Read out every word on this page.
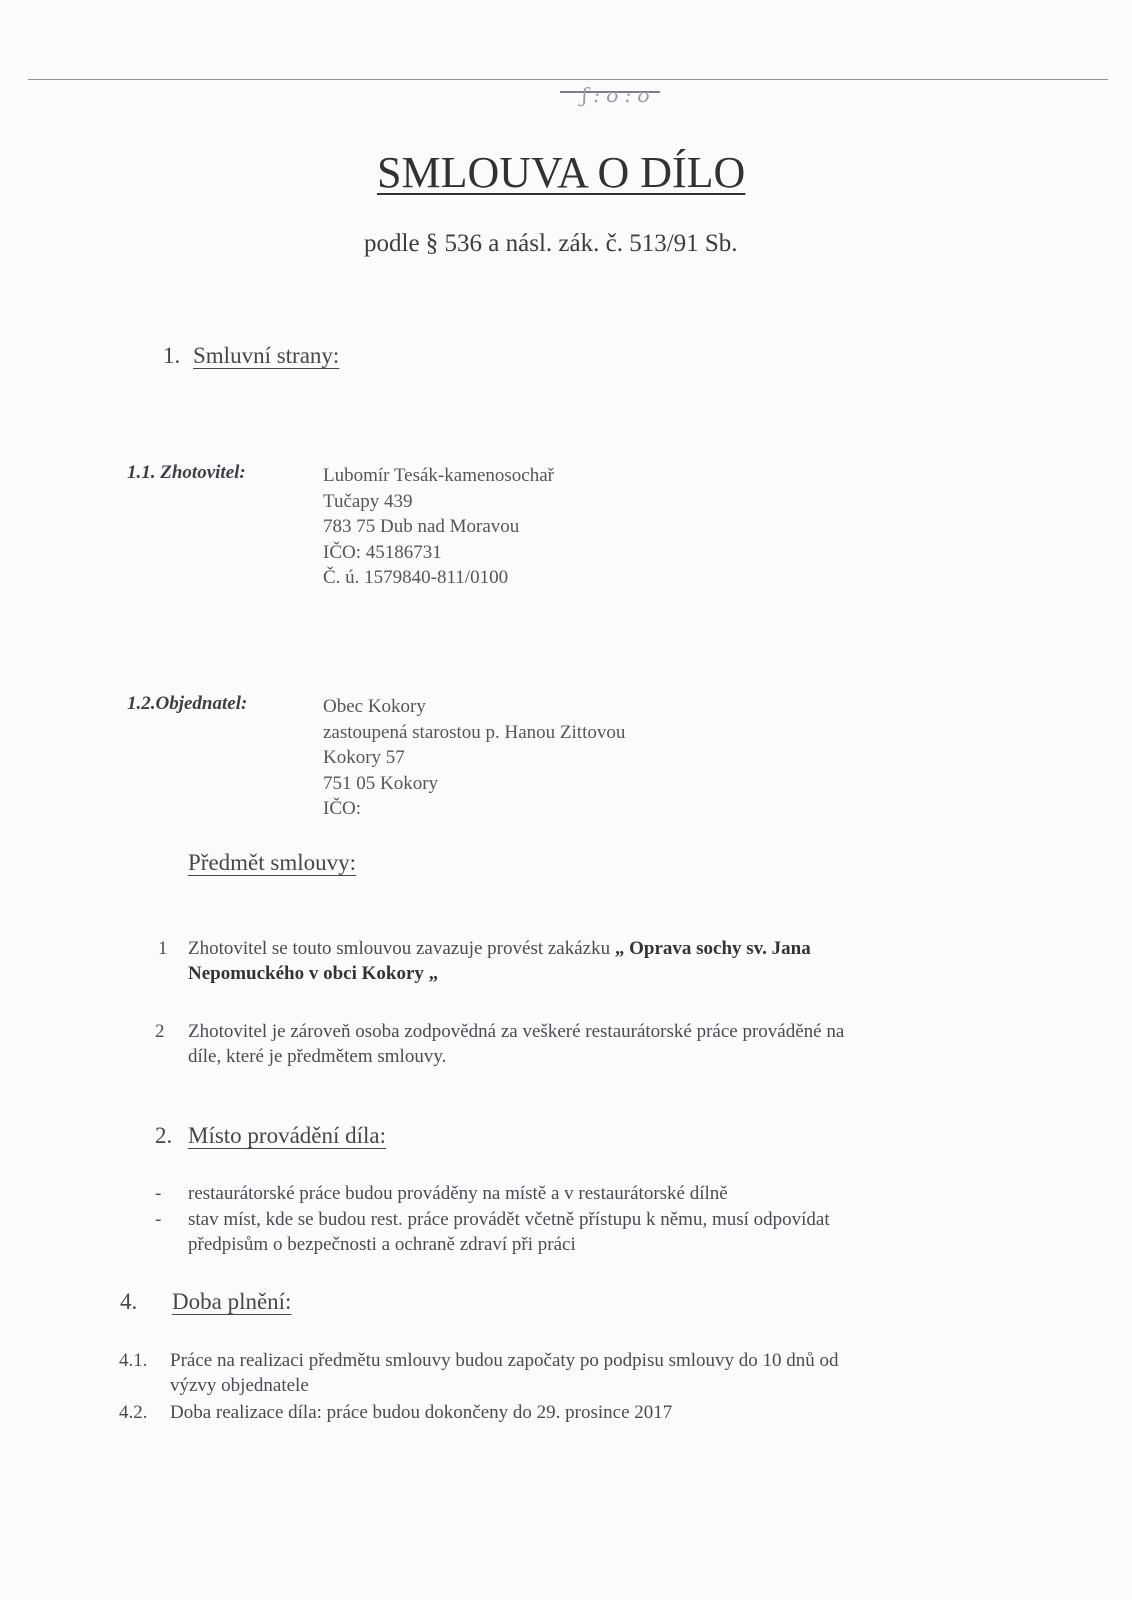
ʃ:ʊ:ʊ
SMLOUVA O DÍLO
podle § 536 a násl. zák. č. 513/91 Sb.
1. Smluvní strany:
1.1. Zhotovitel:	Lubomír Tesák-kamenosochař
Tučapy 439
783 75 Dub nad Moravou
IČO: 45186731
Č. ú. 1579840-811/0100
1.2.Objednatel:	Obec Kokory
zastoupená starostou p. Hanou Zittovou
Kokory 57
751 05 Kokory
IČO:
Předmět smlouvy:
1 Zhotovitel se touto smlouvou zavazuje provést zakázku „ Oprava sochy sv. Jana
Nepomuckého v obci Kokory „
2 Zhotovitel je zároveň osoba zodpovědná za veškeré restaurátorské práce prováděné na
díle, které je předmětem smlouvy.
2. Místo provádění díla:
- restaurátorské práce budou prováděny na místě a v restaurátorské dílně
- stav míst, kde se budou rest. práce provádět včetně přístupu k němu, musí odpovídat
předpisům o bezpečnosti a ochraně zdraví při práci
4. Doba plnění:
4.1. Práce na realizaci předmětu smlouvy budou započaty po podpisu smlouvy do 10 dnů od
výzvy objednatele
4.2. Doba realizace díla: práce budou dokončeny do 29. prosince 2017
